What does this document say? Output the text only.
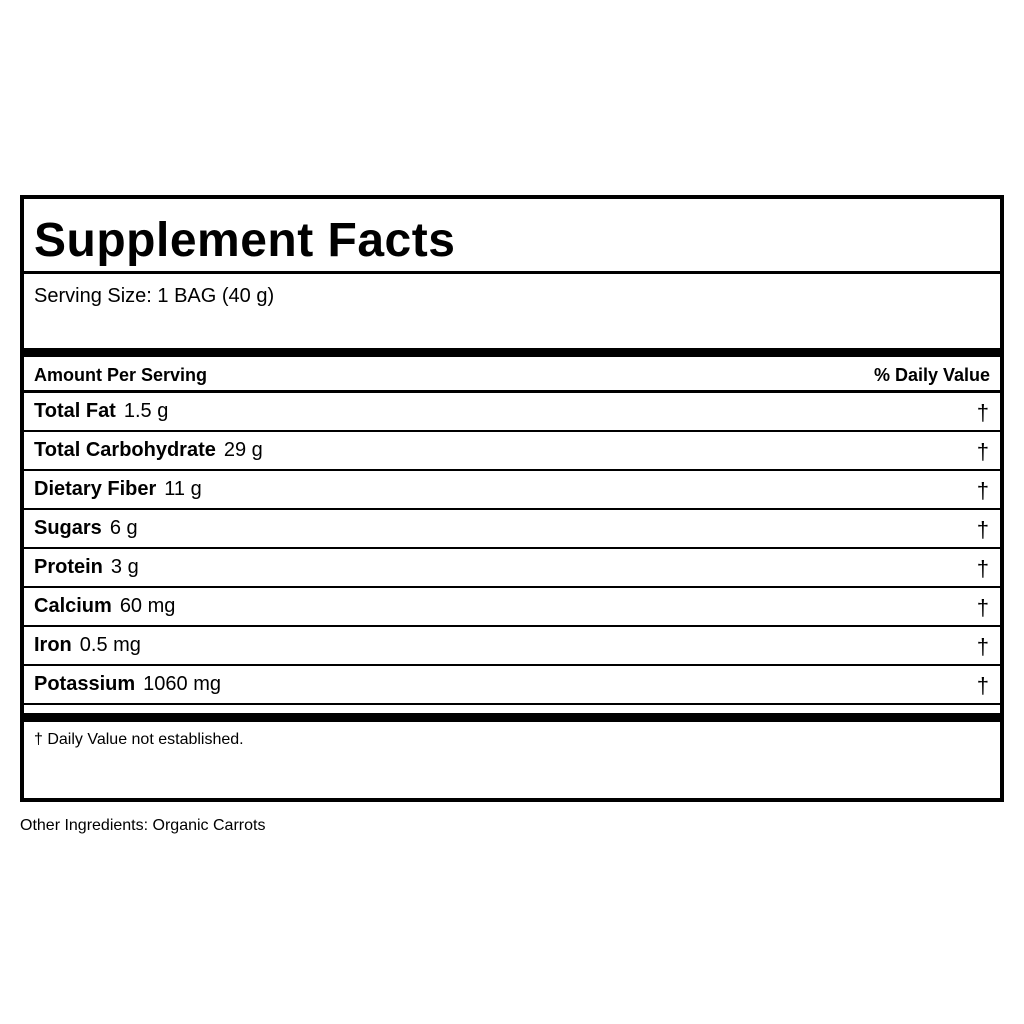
Supplement Facts
Serving Size: 1 BAG (40 g)
Amount Per Serving	% Daily Value
Total Fat 1.5 g	†
Total Carbohydrate 29 g	†
Dietary Fiber 11 g	†
Sugars 6 g	†
Protein 3 g	†
Calcium 60 mg	†
Iron 0.5 mg	†
Potassium 1060 mg	†
† Daily Value not established.
Other Ingredients: Organic Carrots
